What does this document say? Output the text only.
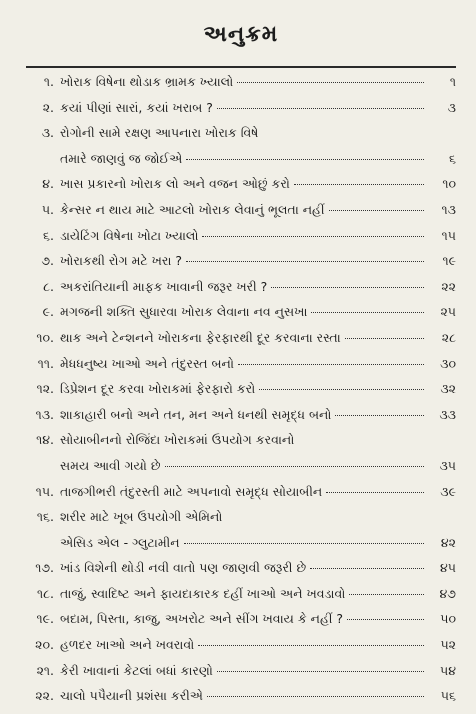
અનુક્રમ
૧. ખોરાક વિષેના થોડાક ભ્રામક ખ્યાલો	૧
૨. કયાં પીણાં સારાં, કયાં ખરાબ ?	૩
૩. રોગોની સામે રક્ષણ આપનારા ખોરાક વિષે
તમારે જાણવું જ જોઈએ	૬
૪. ખાસ પ્રકારનો ખોરાક લો અને વજન ઓછું કરો	૧૦
૫. કેન્સર ન થાય માટે આટલો ખોરાક લેવાનું ભૂલતા નહીં	૧૩
૬. ડાયેટિંગ વિષેના ખોટા ખ્યાલો	૧૫
૭. ખોરાકથી રોગ મટે ખરા ?	૧૯
૮. અકરાંતિયાની માફક ખાવાની જરૂર ખરી ?	૨૨
૯. મગજની શક્તિ સુધારવા ખોરાક લેવાના નવ નુસખા	૨૫
૧૦. થાક અને ટેન્શનને ખોરાકના ફેરફારથી દૂર કરવાના રસ્તા	૨૮
૧૧. મેધધનુષ્ય ખાઓ અને તંદુરસ્ત બનો	૩૦
૧૨. ડિપ્રેશન દૂર કરવા ખોરાકમાં ફેરફારો કરો	૩૨
૧૩. શાકાહારી બનો અને તન, મન અને ધનથી સમૃદ્ધ બનો	૩૩
૧૪. સોયાબીનનો રોજિંદા ખોરાકમાં ઉપયોગ કરવાનો
સમય આવી ગયો છે	૩૫
૧૫. તાજગીભરી તંદુરસ્તી માટે અપનાવો સમૃદ્ધ સોયાબીન	૩૯
૧૬. શરીર માટે ખૂબ ઉપયોગી એમિનો
એસિડ એલ - ગ્લુટામીન	૪૨
૧૭. ખાંડ વિશેની થોડી નવી વાતો પણ જાણવી જરૂરી છે	૪૫
૧૮. તાજું, સ્વાદિષ્ટ અને ફાયદાકારક દહીં ખાઓ અને ખવડાવો	૪૭
૧૯. બદામ, પિસ્તા, કાજુ, અખરોટ અને સીંગ ખવાય કે નહીં ?	૫૦
૨૦. હળદર ખાઓ અને ખવરાવો	૫૨
૨૧. કેરી ખાવાનાં કેટલાં બધાં કારણો	૫૪
૨૨. ચાલો પપૈયાની પ્રશંસા કરીએ	૫૬
